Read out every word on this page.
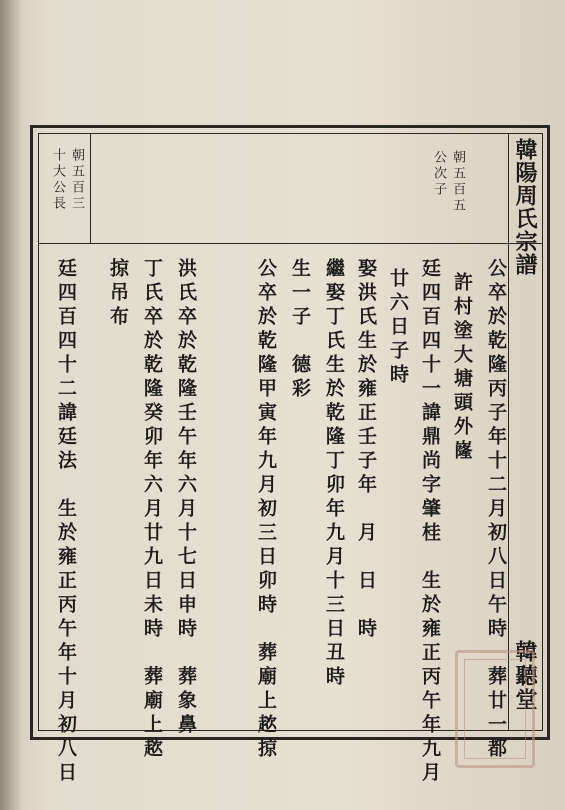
朝五百五
公次子
朝五百三
十大公長
公卒於乾隆丙子年十二月初八日午時　葬廿一都
許村塗大塘頭外嶐
廷四百四十一諱鼎尚字肇桂　生於雍正丙午年九月
廿六日子時
娶洪氏生於雍正壬子年　月　日　時
繼娶丁氏生於乾隆丁卯年九月十三日丑時
生一子　德彩
公卒於乾隆甲寅年九月初三日卯時　葬廟上趑掠
洪氏卒於乾隆壬午年六月十七日申時　葬象鼻
丁氏卒於乾隆癸卯年六月廿九日未時　葬廟上趑
掠吊布
廷四百四十二諱廷法　生於雍正丙午年十月初八日
韓陽周氏宗譜
韓聽堂
